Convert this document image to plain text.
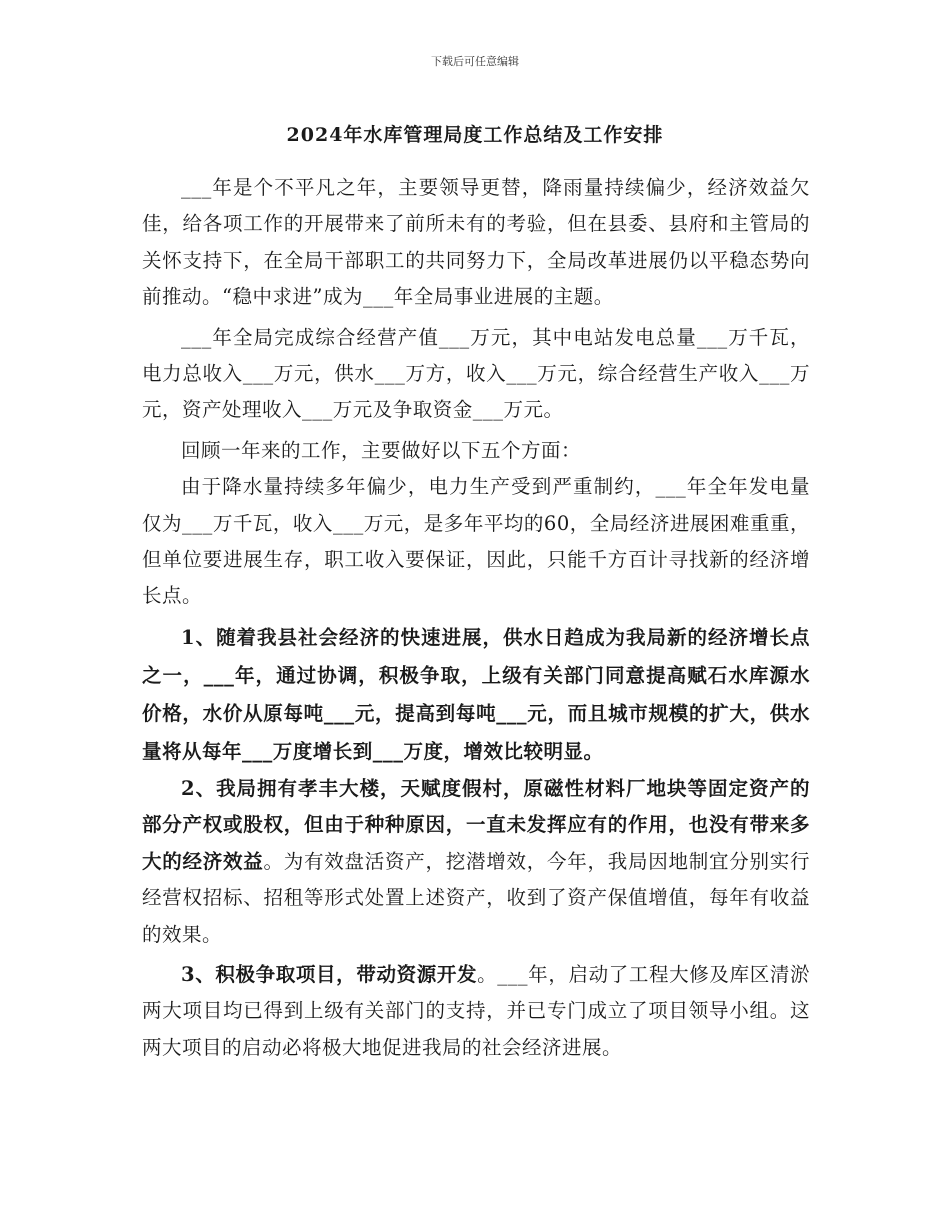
下载后可任意编辑
2024年水库管理局度工作总结及工作安排

___年是个不平凡之年，主要领导更替，降雨量持续偏少，经济效益欠佳，给各项工作的开展带来了前所未有的考验，但在县委、县府和主管局的关怀支持下，在全局干部职工的共同努力下，全局改革进展仍以平稳态势向前推动。“稳中求进”成为___年全局事业进展的主题。

___年全局完成综合经营产值___万元，其中电站发电总量___万千瓦，电力总收入___万元，供水___万方，收入___万元，综合经营生产收入___万元，资产处理收入___万元及争取资金___万元。

回顾一年来的工作，主要做好以下五个方面：

由于降水量持续多年偏少，电力生产受到严重制约，___年全年发电量仅为___万千瓦，收入___万元，是多年平均的60，全局经济进展困难重重，但单位要进展生存，职工收入要保证，因此，只能千方百计寻找新的经济增长点。

1、随着我县社会经济的快速进展，供水日趋成为我局新的经济增长点之一，___年，通过协调，积极争取，上级有关部门同意提高赋石水库源水价格，水价从原每吨___元，提高到每吨___元，而且城市规模的扩大，供水量将从每年___万度增长到___万度，增效比较明显。

2、我局拥有孝丰大楼，天赋度假村，原磁性材料厂地块等固定资产的部分产权或股权，但由于种种原因，一直未发挥应有的作用，也没有带来多大的经济效益。为有效盘活资产，挖潜增效，今年，我局因地制宜分别实行经营权招标、招租等形式处置上述资产，收到了资产保值增值，每年有收益的效果。

3、积极争取项目，带动资源开发。___年，启动了工程大修及库区清淤两大项目均已得到上级有关部门的支持，并已专门成立了项目领导小组。这两大项目的启动必将极大地促进我局的社会经济进展。
